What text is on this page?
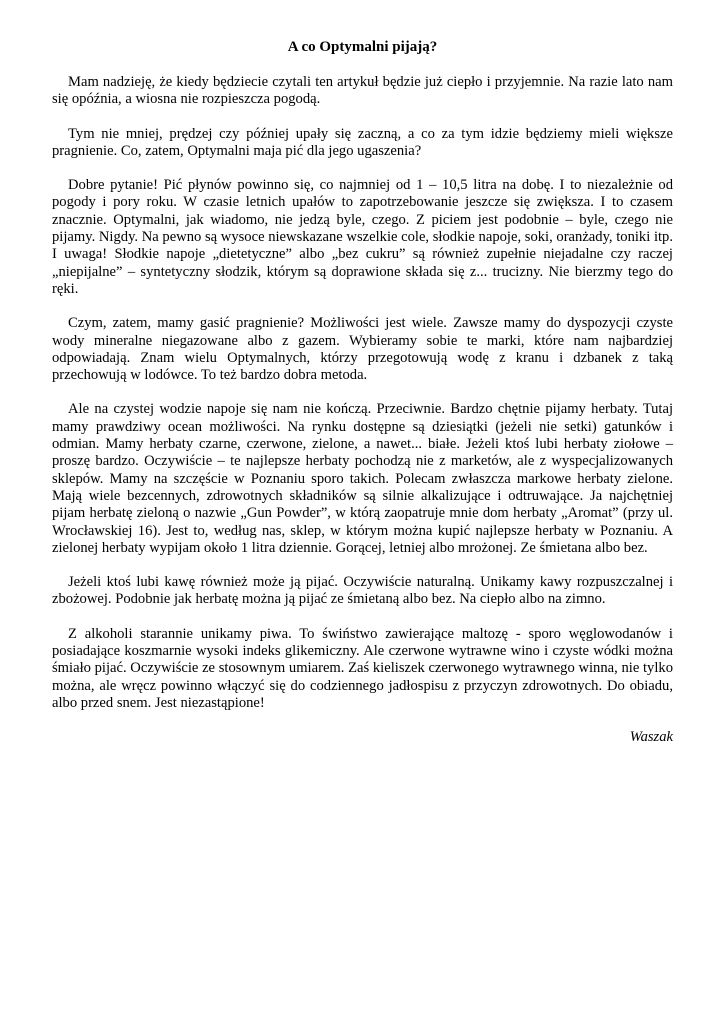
A co Optymalni pijają?

Mam nadzieję, że kiedy będziecie czytali ten artykuł będzie już ciepło i przyjemnie. Na razie lato nam się opóźnia, a wiosna nie rozpieszcza pogodą.

Tym nie mniej, prędzej czy później upały się zaczną, a co za tym idzie będziemy mieli większe pragnienie. Co, zatem, Optymalni maja pić dla jego ugaszenia?

Dobre pytanie! Pić płynów powinno się, co najmniej od 1 – 10,5 litra na dobę. I to niezależnie od pogody i pory roku. W czasie letnich upałów to zapotrzebowanie jeszcze się zwiększa. I to czasem znacznie. Optymalni, jak wiadomo, nie jedzą byle, czego. Z piciem jest podobnie – byle, czego nie pijamy. Nigdy. Na pewno są wysoce niewskazane wszelkie cole, słodkie napoje, soki, oranżady, toniki itp. I uwaga! Słodkie napoje „dietetyczne” albo „bez cukru” są również zupełnie niejadalne czy raczej „niepijalne” – syntetyczny słodzik, którym są doprawione składa się z... trucizny. Nie bierzmy tego do ręki.

Czym, zatem, mamy gasić pragnienie? Możliwości jest wiele. Zawsze mamy do dyspozycji czyste wody mineralne niegazowane albo z gazem. Wybieramy sobie te marki, które nam najbardziej odpowiadają. Znam wielu Optymalnych, którzy przegotowują wodę z kranu i dzbanek z taką przechowują w lodówce. To też bardzo dobra metoda.

Ale na czystej wodzie napoje się nam nie kończą. Przeciwnie. Bardzo chętnie pijamy herbaty. Tutaj mamy prawdziwy ocean możliwości. Na rynku dostępne są dziesiątki (jeżeli nie setki) gatunków i odmian. Mamy herbaty czarne, czerwone, zielone, a nawet... białe. Jeżeli ktoś lubi herbaty ziołowe – proszę bardzo. Oczywiście – te najlepsze herbaty pochodzą nie z marketów, ale z wyspecjalizowanych sklepów. Mamy na szczęście w Poznaniu sporo takich. Polecam zwłaszcza markowe herbaty zielone. Mają wiele bezcennych, zdrowotnych składników są silnie alkalizujące i odtruwające. Ja najchętniej pijam herbatę zieloną o nazwie „Gun Powder”, w którą zaopatruje mnie dom herbaty „Aromat” (przy ul. Wrocławskiej 16). Jest to, według nas, sklep, w którym można kupić najlepsze herbaty w Poznaniu. A zielonej herbaty wypijam około 1 litra dziennie. Gorącej, letniej albo mrożonej. Ze śmietana albo bez.

Jeżeli ktoś lubi kawę również może ją pijać. Oczywiście naturalną. Unikamy kawy rozpuszczalnej i zbożowej. Podobnie jak herbatę można ją pijać ze śmietaną albo bez. Na ciepło albo na zimno.

Z alkoholi starannie unikamy piwa. To świństwo zawierające maltozę - sporo węglowodanów i posiadające koszmarnie wysoki indeks glikemiczny. Ale czerwone wytrawne wino i czyste wódki można śmiało pijać. Oczywiście ze stosownym umiarem. Zaś kieliszek czerwonego wytrawnego winna, nie tylko można, ale wręcz powinno włączyć się do codziennego jadłospisu z przyczyn zdrowotnych. Do obiadu, albo przed snem. Jest niezastąpione!

Waszak
